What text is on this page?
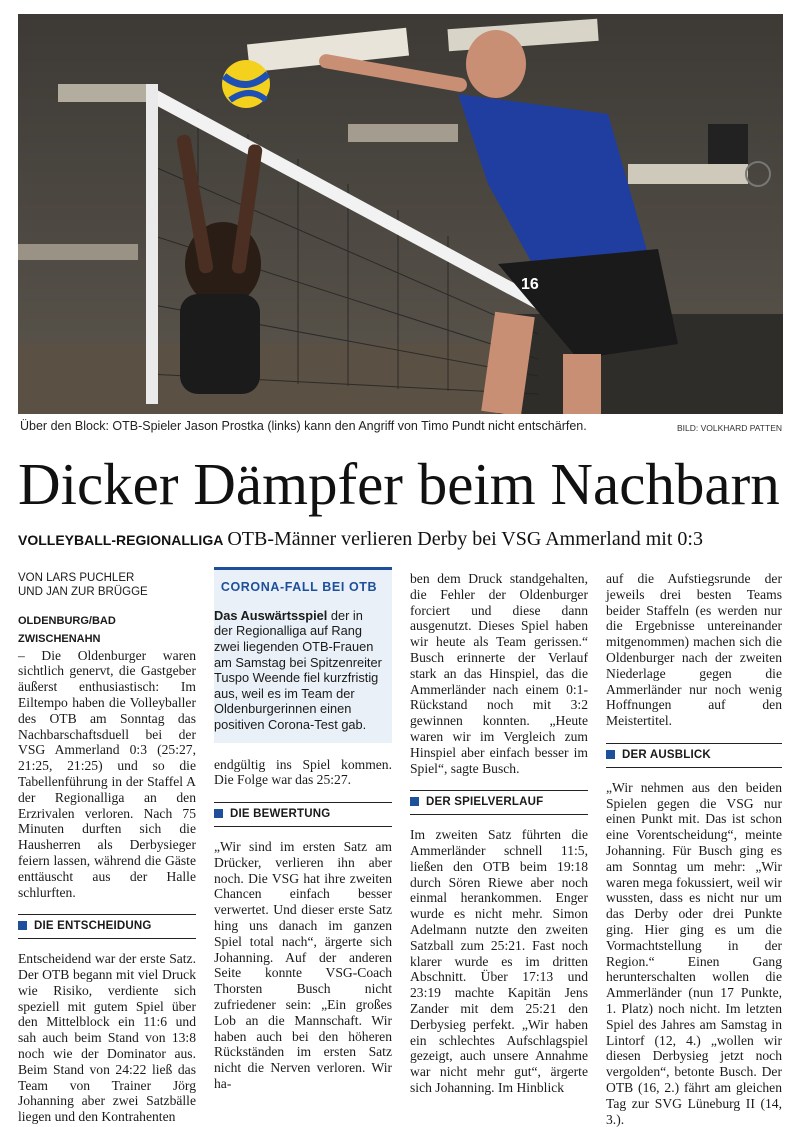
16
Über den Block: OTB-Spieler Jason Prostka (links) kann den Angriff von Timo Pundt nicht entschärfen.	BILD: VOLKHARD PATTEN
Dicker Dämpfer beim Nachbarn
VOLLEYBALL-REGIONALLIGA OTB-Männer verlieren Derby bei VSG Ammerland mit 0:3
VON LARS PUCHLER
UND JAN ZUR BRÜGGE

OLDENBURG/BAD ZWISCHENAHN
– Die Oldenburger waren sichtlich genervt, die Gastgeber äußerst enthusiastisch: Im Eiltempo haben die Volleyballer des OTB am Sonntag das Nachbarschaftsduell bei der VSG Ammerland 0:3 (25:27, 21:25, 21:25) und so die Tabellenführung in der Staffel A der Regionalliga an den Erzrivalen verloren. Nach 75 Minuten durften sich die Hausherren als Derbysieger feiern lassen, während die Gäste enttäuscht aus der Halle schlurften.

DIE ENTSCHEIDUNG

Entscheidend war der erste Satz. Der OTB begann mit viel Druck wie Risiko, verdiente sich speziell mit gutem Spiel über den Mittelblock ein 11:6 und sah auch beim Stand von 13:8 noch wie der Dominator aus. Beim Stand von 24:22 ließ das Team von Trainer Jörg Johanning aber zwei Satzbälle liegen und den Kontrahenten

CORONA-FALL BEI OTB
Das Auswärtsspiel der in der Regionalliga auf Rang zwei liegenden OTB-Frauen am Samstag bei Spitzenreiter Tuspo Weende fiel kurzfristig aus, weil es im Team der Oldenburgerinnen einen positiven Corona-Test gab.

endgültig ins Spiel kommen. Die Folge war das 25:27.

DIE BEWERTUNG

„Wir sind im ersten Satz am Drücker, verlieren ihn aber noch. Die VSG hat ihre zweiten Chancen einfach besser verwertet. Und dieser erste Satz hing uns danach im ganzen Spiel total nach“, ärgerte sich Johanning. Auf der anderen Seite konnte VSG-Coach Thorsten Busch nicht zufriedener sein: „Ein großes Lob an die Mannschaft. Wir haben auch bei den höheren Rückständen im ersten Satz nicht die Nerven verloren. Wir ha-

ben dem Druck standgehalten, die Fehler der Oldenburger forciert und diese dann ausgenutzt. Dieses Spiel haben wir heute als Team gerissen.“ Busch erinnerte der Verlauf stark an das Hinspiel, das die Ammerländer nach einem 0:1-Rückstand noch mit 3:2 gewinnen konnten. „Heute waren wir im Vergleich zum Hinspiel aber einfach besser im Spiel“, sagte Busch.

DER SPIELVERLAUF

Im zweiten Satz führten die Ammerländer schnell 11:5, ließen den OTB beim 19:18 durch Sören Riewe aber noch einmal herankommen. Enger wurde es nicht mehr. Simon Adelmann nutzte den zweiten Satzball zum 25:21. Fast noch klarer wurde es im dritten Abschnitt. Über 17:13 und 23:19 machte Kapitän Jens Zander mit dem 25:21 den Derbysieg perfekt. „Wir haben ein schlechtes Aufschlagspiel gezeigt, auch unsere Annahme war nicht mehr gut“, ärgerte sich Johanning. Im Hinblick

auf die Aufstiegsrunde der jeweils drei besten Teams beider Staffeln (es werden nur die Ergebnisse untereinander mitgenommen) machen sich die Oldenburger nach der zweiten Niederlage gegen die Ammerländer nur noch wenig Hoffnungen auf den Meistertitel.

DER AUSBLICK

„Wir nehmen aus den beiden Spielen gegen die VSG nur einen Punkt mit. Das ist schon eine Vorentscheidung“, meinte Johanning. Für Busch ging es am Sonntag um mehr: „Wir waren mega fokussiert, weil wir wussten, dass es nicht nur um das Derby oder drei Punkte ging. Hier ging es um die Vormachtstellung in der Region.“ Einen Gang herunterschalten wollen die Ammerländer (nun 17 Punkte, 1. Platz) noch nicht. Im letzten Spiel des Jahres am Samstag in Lintorf (12, 4.) „wollen wir diesen Derbysieg jetzt noch vergolden“, betonte Busch. Der OTB (16, 2.) fährt am gleichen Tag zur SVG Lüneburg II (14, 3.).
